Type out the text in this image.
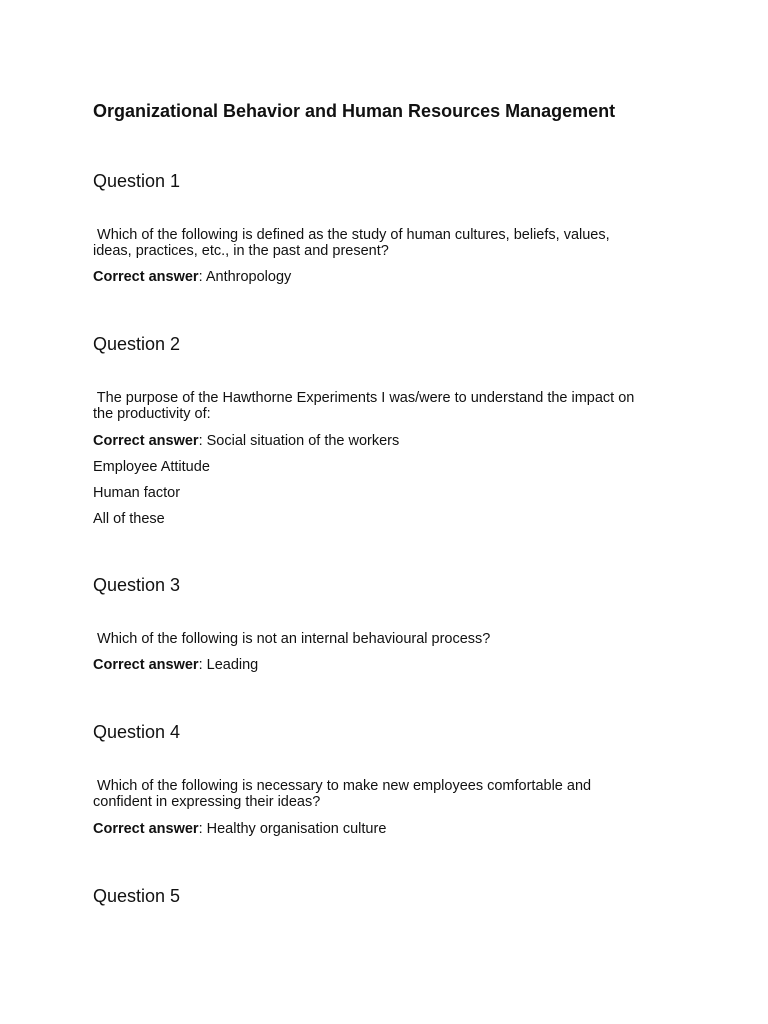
Organizational Behavior and Human Resources Management
Question 1
Which of the following is defined as the study of human cultures, beliefs, values,
ideas, practices, etc., in the past and present?
Correct answer: Anthropology
Question 2
The purpose of the Hawthorne Experiments I was/were to understand the impact on
the productivity of:
Correct answer: Social situation of the workers
Employee Attitude
Human factor
All of these
Question 3
Which of the following is not an internal behavioural process?
Correct answer: Leading
Question 4
Which of the following is necessary to make new employees comfortable and
confident in expressing their ideas?
Correct answer: Healthy organisation culture
Question 5
